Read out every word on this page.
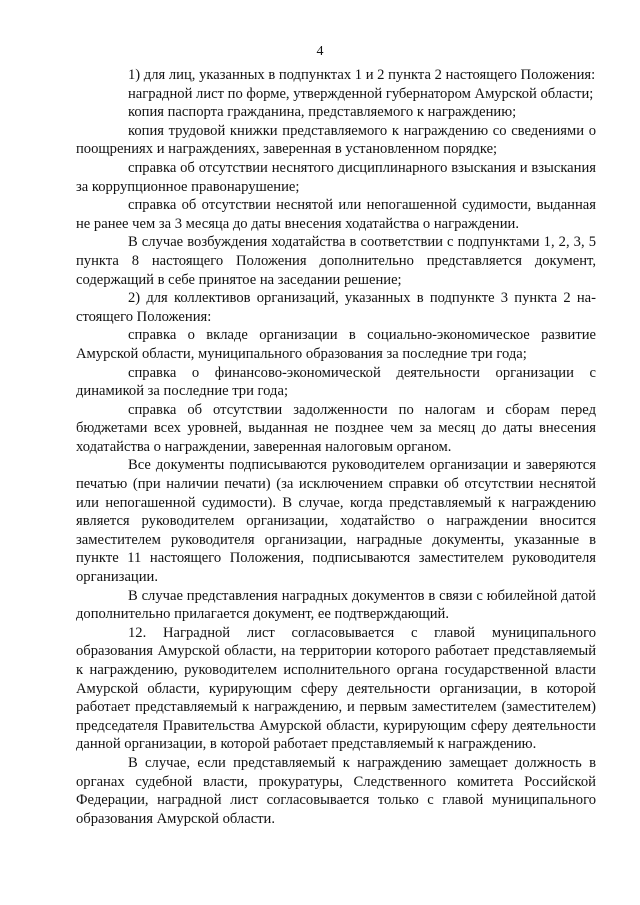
4

1) для лиц, указанных в подпунктах 1 и 2 пункта 2 настоящего Положения:

наградной лист по форме, утвержденной губернатором Амурской области;

копия паспорта гражданина, представляемого к награждению;

копия трудовой книжки представляемого к награждению со сведениями о поощрениях и награждениях, заверенная в установленном порядке;

справка об отсутствии неснятого дисциплинарного взыскания и взыскания за коррупционное правонарушение;

справка об отсутствии неснятой или непогашенной судимости, выданная не ранее чем за 3 месяца до даты внесения ходатайства о награждении.

В случае возбуждения ходатайства в соответствии с подпунктами 1, 2, 3, 5 пункта 8 настоящего Положения дополнительно представляется документ, содержащий в себе принятое на заседании решение;

2) для коллективов организаций, указанных в подпункте 3 пункта 2 настоящего Положения:

справка о вкладе организации в социально-экономическое развитие Амурской области, муниципального образования за последние три года;

справка о финансово-экономической деятельности организации с динамикой за последние три года;

справка об отсутствии задолженности по налогам и сборам перед бюджетами всех уровней, выданная не позднее чем за месяц до даты внесения ходатайства о награждении, заверенная налоговым органом.

Все документы подписываются руководителем организации и заверяются печатью (при наличии печати) (за исключением справки об отсутствии неснятой или непогашенной судимости). В случае, когда представляемый к награждению является руководителем организации, ходатайство о награждении вносится заместителем руководителя организации, наградные документы, указанные в пункте 11 настоящего Положения, подписываются заместителем руководителя организации.

В случае представления наградных документов в связи с юбилейной датой дополнительно прилагается документ, ее подтверждающий.

12. Наградной лист согласовывается с главой муниципального образования Амурской области, на территории которого работает представляемый к награждению, руководителем исполнительного органа государственной власти Амурской области, курирующим сферу деятельности организации, в которой работает представляемый к награждению, и первым заместителем (заместителем) председателя Правительства Амурской области, курирующим сферу деятельности данной организации, в которой работает представляемый к награждению.

В случае, если представляемый к награждению замещает должность в органах судебной власти, прокуратуры, Следственного комитета Российской Федерации, наградной лист согласовывается только с главой муниципального образования Амурской области.
